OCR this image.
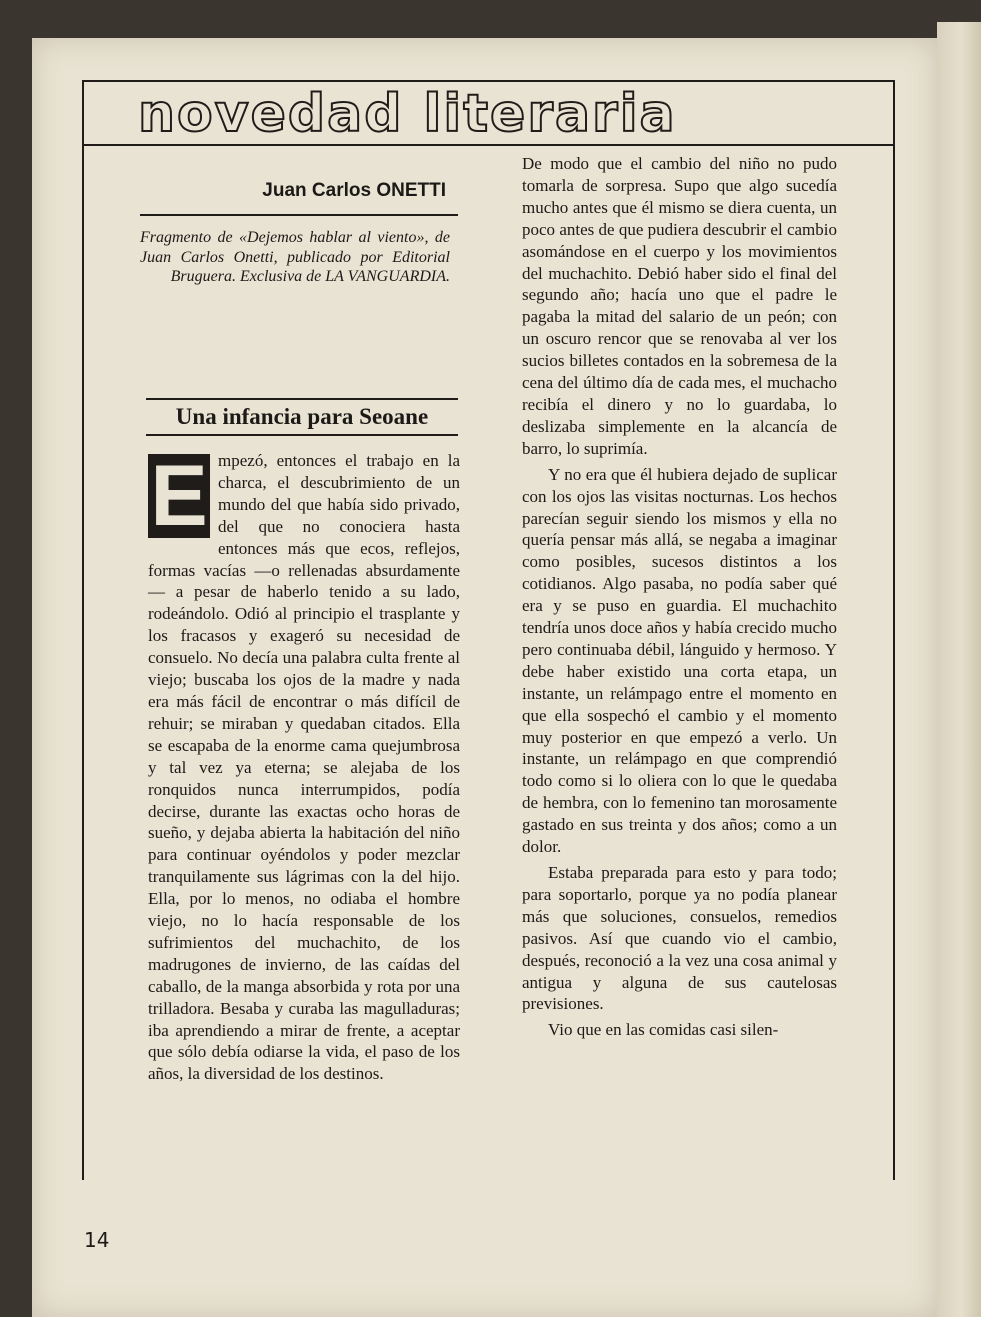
novedad literaria
Juan Carlos ONETTI

Fragmento de «Dejemos hablar al viento», de Juan Carlos Onetti, publicado por Editorial Bruguera. Exclusiva de LA VANGUARDIA.

Una infancia para Seoane
E mpezó, entonces el trabajo en la charca, el descubrimiento de un mundo del que había sido privado, del que no conociera hasta entonces más que ecos, reflejos, formas vacías —o rellenadas absurdamente— a pesar de haberlo tenido a su lado, rodeándolo. Odió al principio el trasplante y los fracasos y exageró su necesidad de consuelo. No decía una palabra culta frente al viejo; buscaba los ojos de la madre y nada era más fácil de encontrar o más difícil de rehuir; se miraban y quedaban citados. Ella se escapaba de la enorme cama quejumbrosa y tal vez ya eterna; se alejaba de los ronquidos nunca interrumpidos, podía decirse, durante las exactas ocho horas de sueño, y dejaba abierta la habitación del niño para continuar oyéndolos y poder mezclar tranquilamente sus lágrimas con la del hijo. Ella, por lo menos, no odiaba el hombre viejo, no lo hacía responsable de los sufrimientos del muchachito, de los madrugones de invierno, de las caídas del caballo, de la manga absorbida y rota por una trilladora. Besaba y curaba las magulladuras; iba aprendiendo a mirar de frente, a aceptar que sólo debía odiarse la vida, el paso de los años, la diversidad de los destinos.

De modo que el cambio del niño no pudo tomarla de sorpresa. Supo que algo sucedía mucho antes que él mismo se diera cuenta, un poco antes de que pudiera descubrir el cambio asomándose en el cuerpo y los movimientos del muchachito. Debió haber sido el final del segundo año; hacía uno que el padre le pagaba la mitad del salario de un peón; con un oscuro rencor que se renovaba al ver los sucios billetes contados en la sobremesa de la cena del último día de cada mes, el muchacho recibía el dinero y no lo guardaba, lo deslizaba simplemente en la alcancía de barro, lo suprimía.

Y no era que él hubiera dejado de suplicar con los ojos las visitas nocturnas. Los hechos parecían seguir siendo los mismos y ella no quería pensar más allá, se negaba a imaginar como posibles, sucesos distintos a los cotidianos. Algo pasaba, no podía saber qué era y se puso en guardia. El muchachito tendría unos doce años y había crecido mucho pero continuaba débil, lánguido y hermoso. Y debe haber existido una corta etapa, un instante, un relámpago entre el momento en que ella sospechó el cambio y el momento muy posterior en que empezó a verlo. Un instante, un relámpago en que comprendió todo como si lo oliera con lo que le quedaba de hembra, con lo femenino tan morosamente gastado en sus treinta y dos años; como a un dolor.

Estaba preparada para esto y para todo; para soportarlo, porque ya no podía planear más que soluciones, consuelos, remedios pasivos. Así que cuando vio el cambio, después, reconoció a la vez una cosa animal y antigua y alguna de sus cautelosas previsiones.

Vio que en las comidas casi silen-

14
